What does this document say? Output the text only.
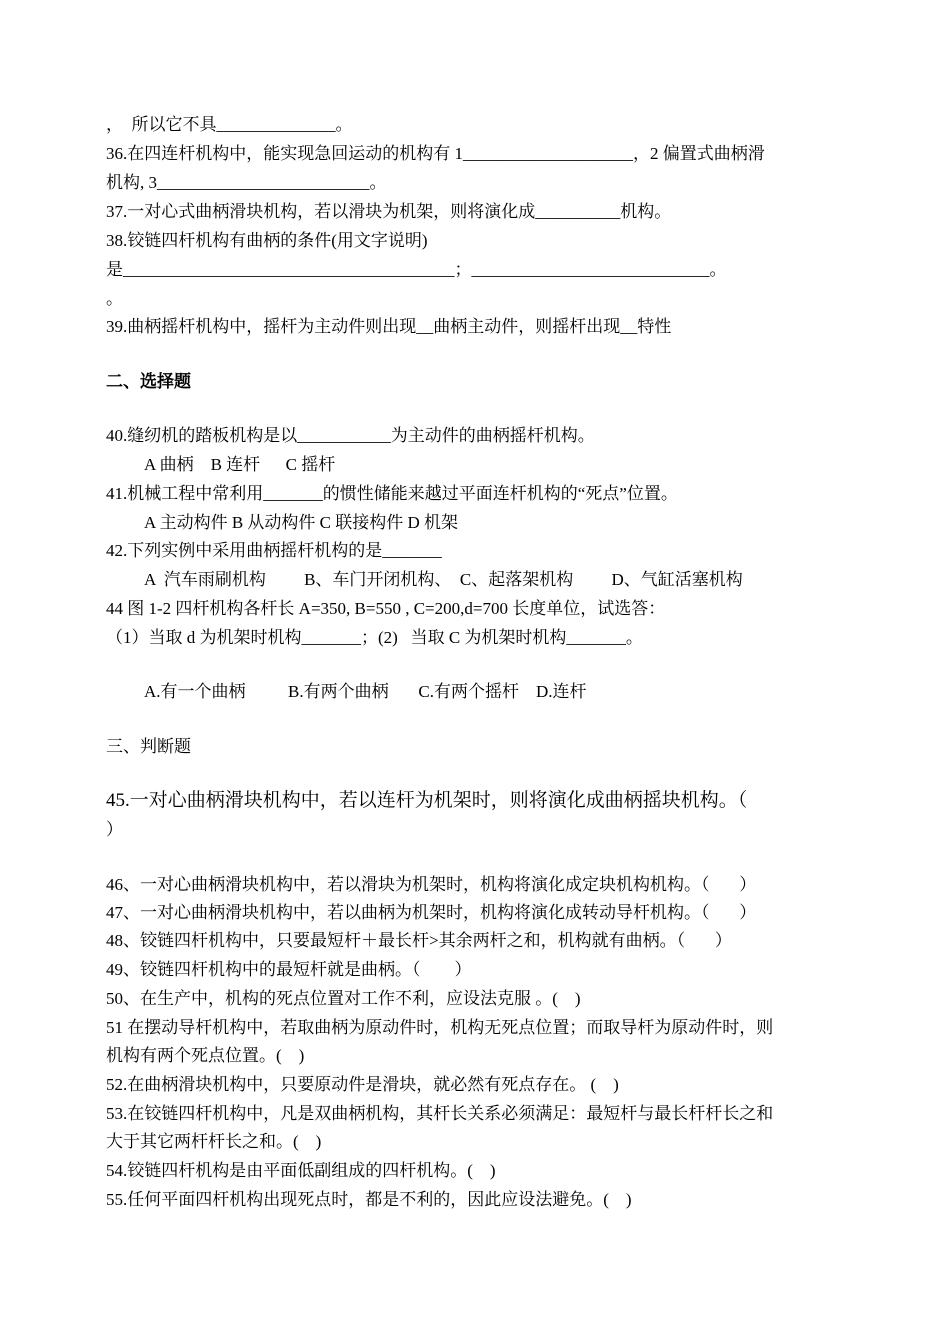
，  所以它不具______________。
36.在四连杆机构中，能实现急回运动的机构有 1____________________，2 偏置式曲柄滑
机构, 3_________________________。
37.一对心式曲柄滑块机构，若以滑块为机架，则将演化成__________机构。
38.铰链四杆机构有曲柄的条件(用文字说明)
是_______________________________________；____________________________。
。
39.曲柄摇杆机构中，摇杆为主动件则出现__曲柄主动件，则摇杆出现__特性
二、选择题
40.缝纫机的踏板机构是以___________为主动件的曲柄摇杆机构。
A 曲柄    B 连杆      C 摇杆
41.机械工程中常利用_______的惯性储能来越过平面连杆机构的“死点”位置。
A 主动构件 B 从动构件 C 联接构件 D 机架
42.下列实例中采用曲柄摇杆机构的是_______
A  汽车雨刷机构         B、车门开闭机构、  C、起落架机构         D、气缸活塞机构
44 图 1-2 四杆机构各杆长 A=350, B=550 , C=200,d=700 长度单位，试选答：
（1）当取 d 为机架时机构_______；(2)   当取 C 为机架时机构_______。
A.有一个曲柄          B.有两个曲柄       C.有两个摇杆    D.连杆
三、判断题
45.一对心曲柄滑块机构中，若以连杆为机架时，则将演化成曲柄摇块机构。（
）
46、一对心曲柄滑块机构中，若以滑块为机架时，机构将演化成定块机构机构。（       ）
47、一对心曲柄滑块机构中，若以曲柄为机架时，机构将演化成转动导杆机构。（       ）
48、铰链四杆机构中，只要最短杆＋最长杆>其余两杆之和，机构就有曲柄。（       ）
49、铰链四杆机构中的最短杆就是曲柄。（        ）
50、在生产中，机构的死点位置对工作不利，应设法克服 。(    )
51 在摆动导杆机构中，若取曲柄为原动件时，机构无死点位置；而取导杆为原动件时，则
机构有两个死点位置。(    )
52.在曲柄滑块机构中，只要原动件是滑块，就必然有死点存在。 (    )
53.在铰链四杆机构中，凡是双曲柄机构，其杆长关系必须满足：最短杆与最长杆杆长之和
大于其它两杆杆长之和。(    )
54.铰链四杆机构是由平面低副组成的四杆机构。(    )
55.任何平面四杆机构出现死点时，都是不利的，因此应设法避免。(    )
